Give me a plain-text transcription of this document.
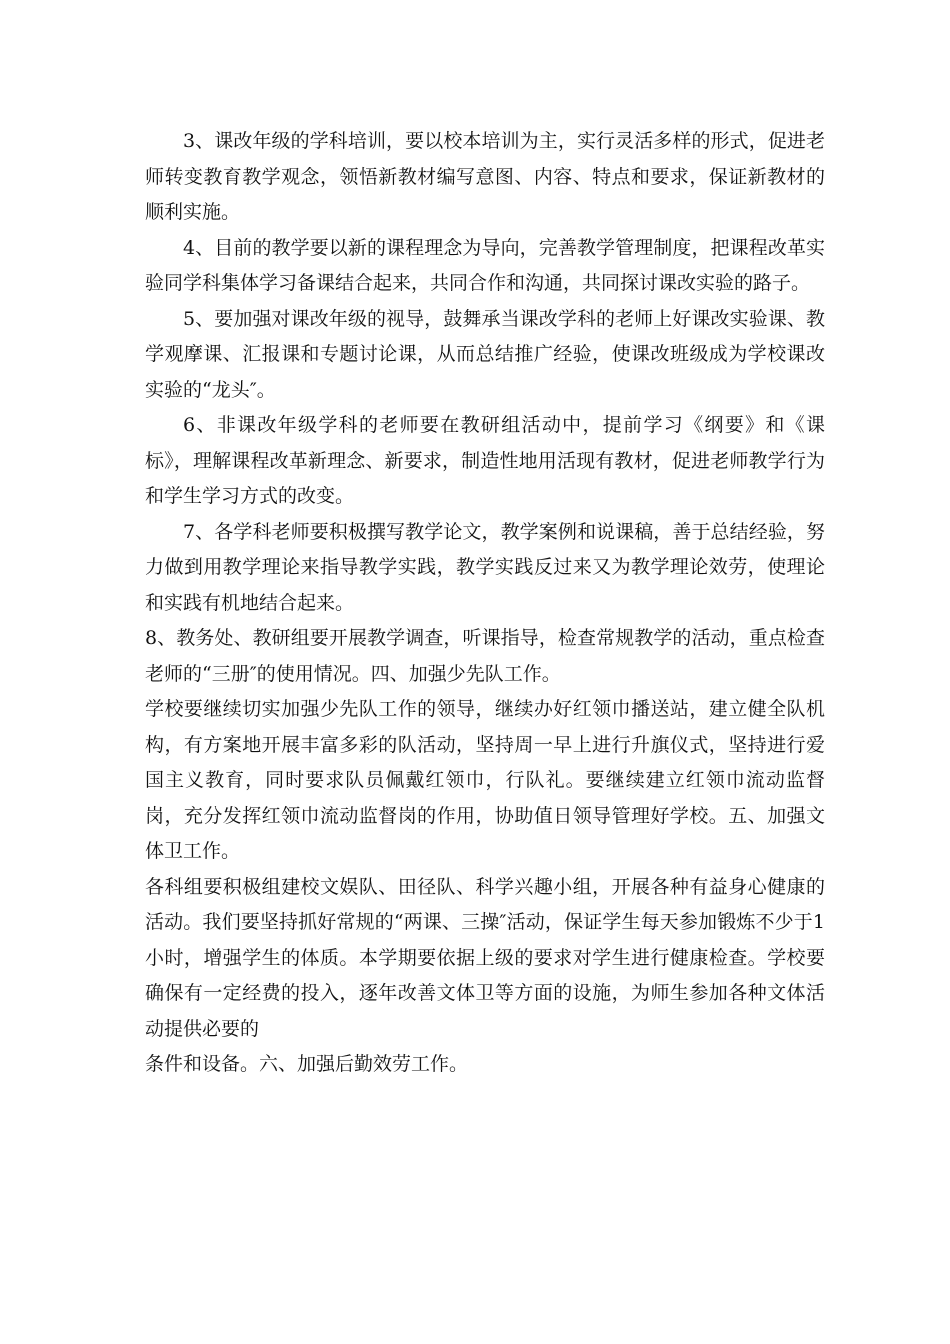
3、课改年级的学科培训，要以校本培训为主，实行灵活多样的形式，促进老师转变教育教学观念，领悟新教材编写意图、内容、特点和要求，保证新教材的顺利实施。

4、目前的教学要以新的课程理念为导向，完善教学管理制度，把课程改革实验同学科集体学习备课结合起来，共同合作和沟通，共同探讨课改实验的路子。

5、要加强对课改年级的视导，鼓舞承当课改学科的老师上好课改实验课、教学观摩课、汇报课和专题讨论课，从而总结推广经验，使课改班级成为学校课改实验的“龙头″。

6、非课改年级学科的老师要在教研组活动中，提前学习《纲要》和《课标》，理解课程改革新理念、新要求，制造性地用活现有教材，促进老师教学行为和学生学习方式的改变。

7、各学科老师要积极撰写教学论文，教学案例和说课稿，善于总结经验，努力做到用教学理论来指导教学实践，教学实践反过来又为教学理论效劳，使理论和实践有机地结合起来。

8、教务处、教研组要开展教学调查，听课指导，检查常规教学的活动，重点检查老师的“三册″的使用情况。四、加强少先队工作。

学校要继续切实加强少先队工作的领导，继续办好红领巾播送站，建立健全队机构，有方案地开展丰富多彩的队活动，坚持周一早上进行升旗仪式，坚持进行爱国主义教育，同时要求队员佩戴红领巾，行队礼。要继续建立红领巾流动监督岗，充分发挥红领巾流动监督岗的作用，协助值日领导管理好学校。五、加强文体卫工作。

各科组要积极组建校文娱队、田径队、科学兴趣小组，开展各种有益身心健康的活动。我们要坚持抓好常规的“两课、三操″活动，保证学生每天参加锻炼不少于1小时，增强学生的体质。本学期要依据上级的要求对学生进行健康检查。学校要确保有一定经费的投入，逐年改善文体卫等方面的设施，为师生参加各种文体活动提供必要的

条件和设备。六、加强后勤效劳工作。
